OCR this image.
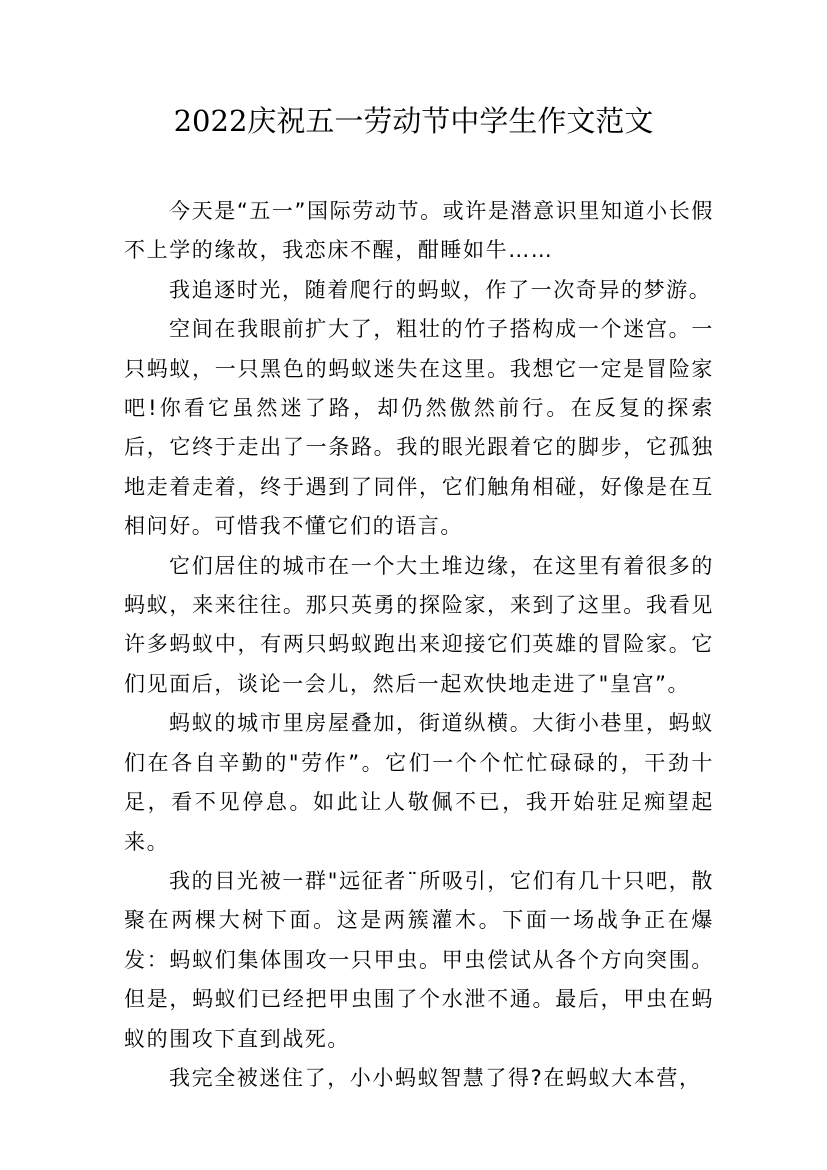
2022庆祝五一劳动节中学生作文范文

今天是“五一”国际劳动节。或许是潜意识里知道小长假不上学的缘故，我恋床不醒，酣睡如牛……

我追逐时光，随着爬行的蚂蚁，作了一次奇异的梦游。

空间在我眼前扩大了，粗壮的竹子搭构成一个迷宫。一只蚂蚁，一只黑色的蚂蚁迷失在这里。我想它一定是冒险家吧!你看它虽然迷了路，却仍然傲然前行。在反复的探索后，它终于走出了一条路。我的眼光跟着它的脚步，它孤独地走着走着，终于遇到了同伴，它们触角相碰，好像是在互相问好。可惜我不懂它们的语言。

它们居住的城市在一个大土堆边缘，在这里有着很多的蚂蚁，来来往往。那只英勇的探险家，来到了这里。我看见许多蚂蚁中，有两只蚂蚁跑出来迎接它们英雄的冒险家。它们见面后，谈论一会儿，然后一起欢快地走进了"皇宫”。

蚂蚁的城市里房屋叠加，街道纵横。大街小巷里，蚂蚁们在各自辛勤的"劳作”。它们一个个忙忙碌碌的，干劲十足，看不见停息。如此让人敬佩不已，我开始驻足痴望起来。

我的目光被一群"远征者¨所吸引，它们有几十只吧，散聚在两棵大树下面。这是两簇灌木。下面一场战争正在爆发：蚂蚁们集体围攻一只甲虫。甲虫偿试从各个方向突围。但是，蚂蚁们已经把甲虫围了个水泄不通。最后，甲虫在蚂蚁的围攻下直到战死。

我完全被迷住了，小小蚂蚁智慧了得?在蚂蚁大本营，
